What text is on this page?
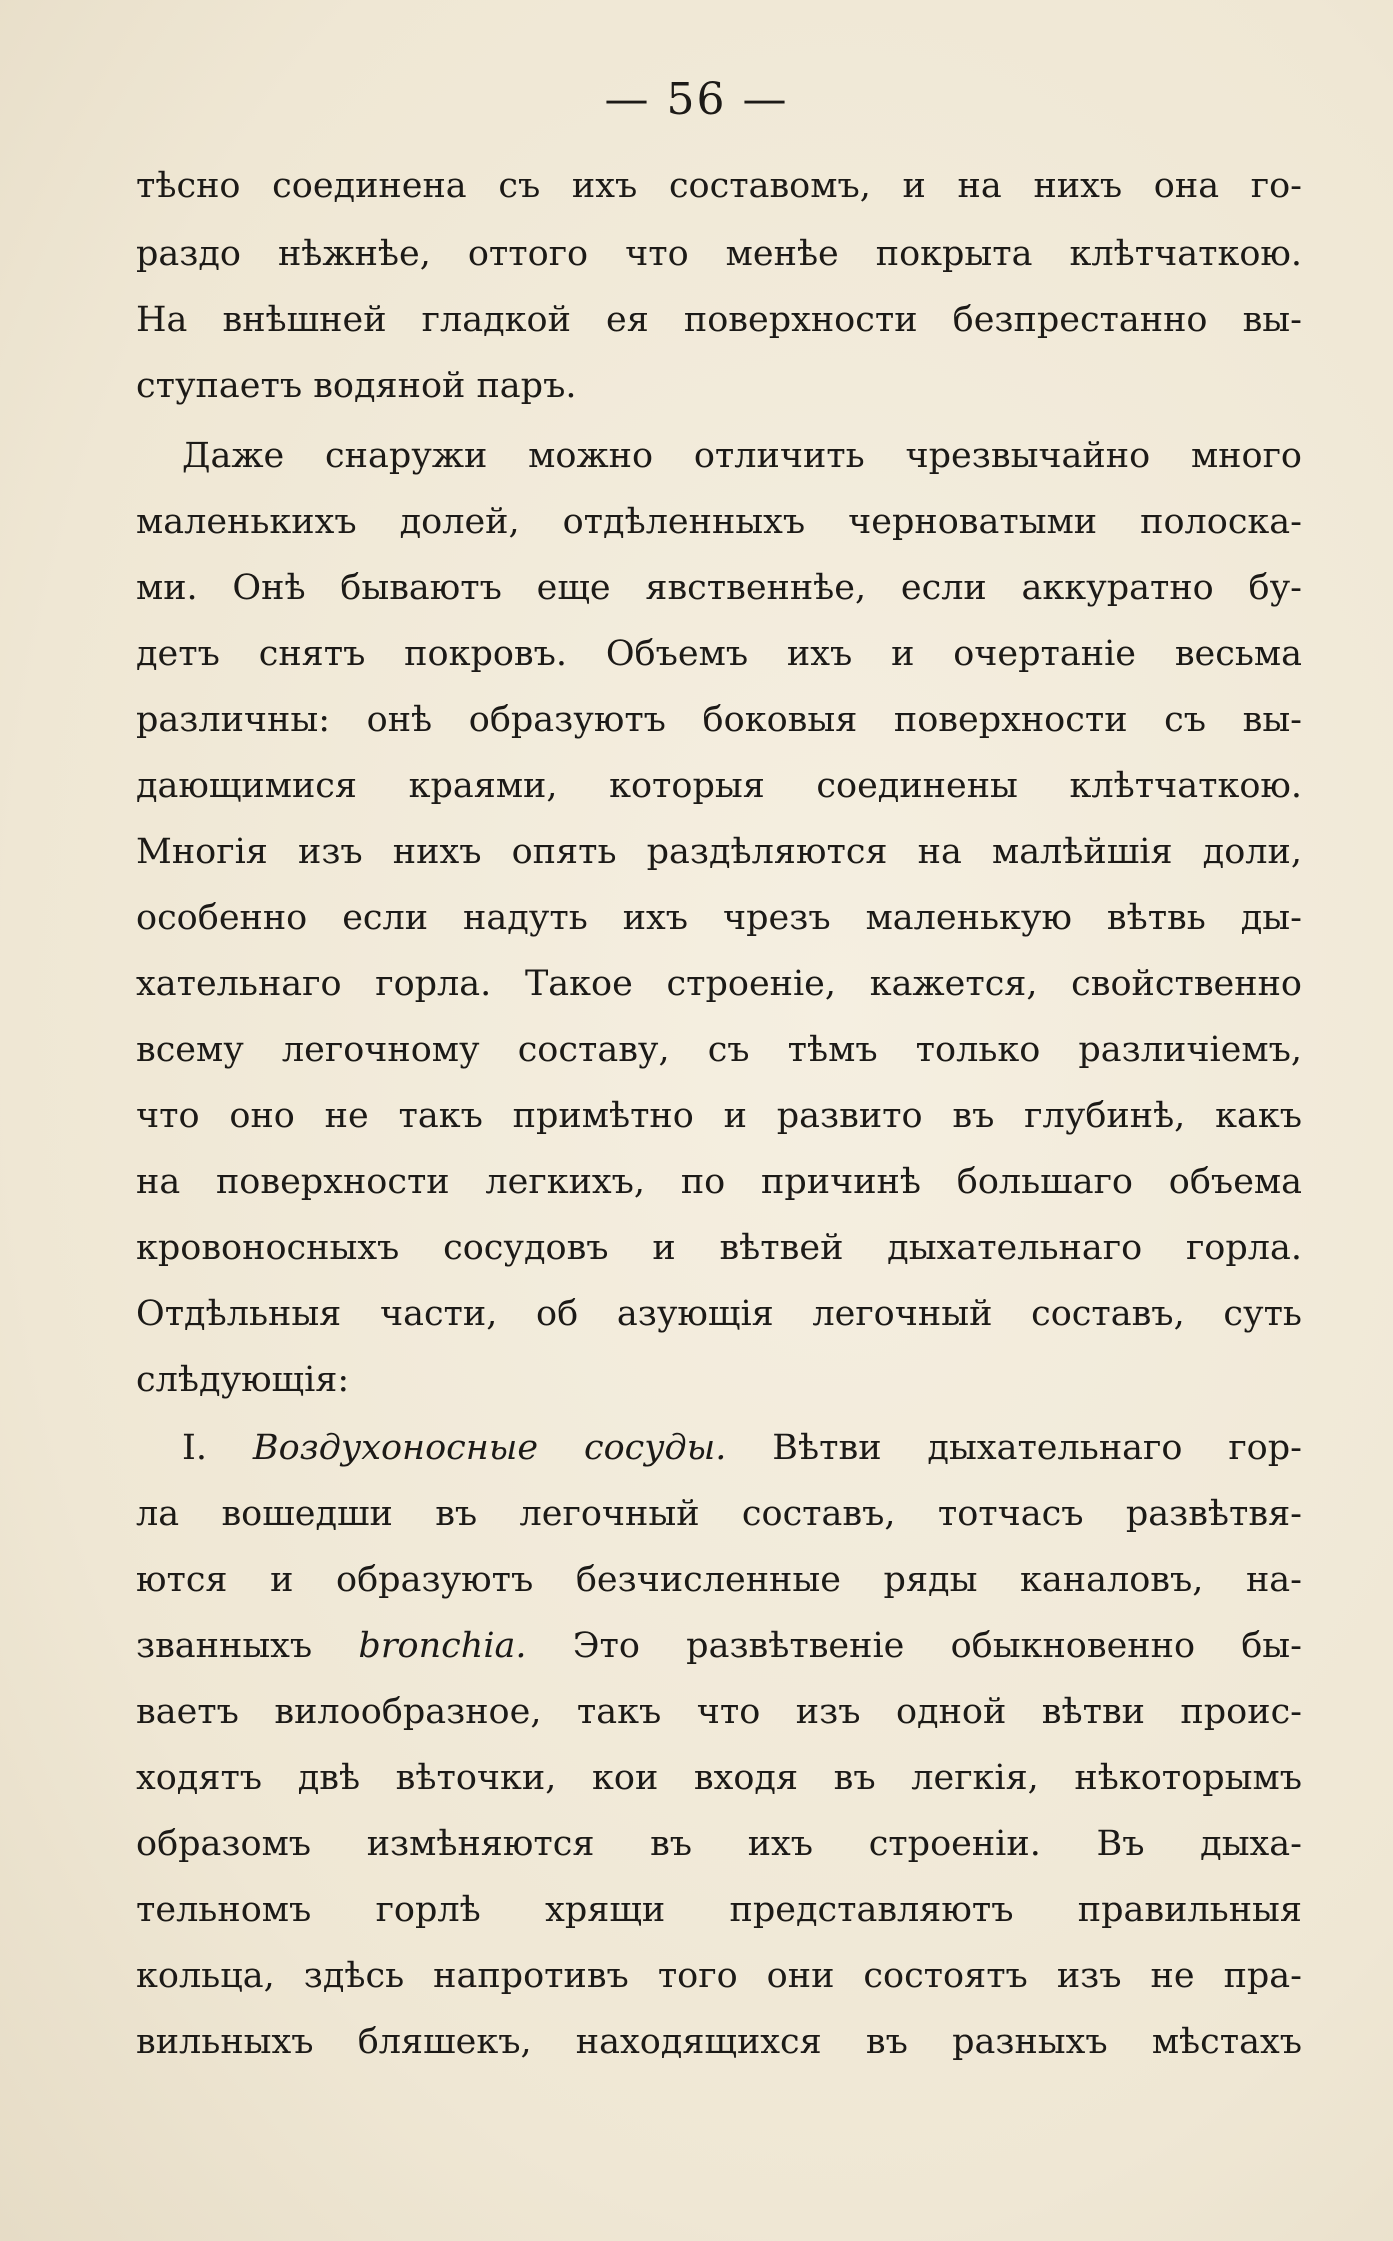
— 56 —
тѣсно соединена съ ихъ составомъ, и на нихъ она го-
раздо нѣжнѣе, оттого что менѣе покрыта клѣтчаткою.
На внѣшней гладкой ея поверхности безпрестанно вы-
ступаетъ водяной паръ.
Даже снаружи можно отличить чрезвычайно много
маленькихъ долей, отдѣленныхъ черноватыми полоска-
ми. Онѣ бываютъ еще явственнѣе, если аккуратно бу-
детъ снятъ покровъ. Объемъ ихъ и очертаніе весьма
различны: онѣ образуютъ боковыя поверхности съ вы-
дающимися краями, которыя соединены клѣтчаткою.
Многія изъ нихъ опять раздѣляются на малѣйшія доли,
особенно если надуть ихъ чрезъ маленькую вѣтвь ды-
хательнаго горла. Такое строеніе, кажется, свойственно
всему легочному составу, съ тѣмъ только различіемъ,
что оно не такъ примѣтно и развито въ глубинѣ, какъ
на поверхности легкихъ, по причинѣ большаго объема
кровоносныхъ сосудовъ и вѣтвей дыхательнаго горла.
Отдѣльныя части, об азующія легочный составъ, суть
слѣдующія:
I. Воздухоносные сосуды. Вѣтви дыхательнаго гор-
ла вошедши въ легочный составъ, тотчасъ развѣтвя-
ются и образуютъ безчисленные ряды каналовъ, на-
званныхъ bronchia. Это развѣтвеніе обыкновенно бы-
ваетъ вилообразное, такъ что изъ одной вѣтви проис-
ходятъ двѣ вѣточки, кои входя въ легкія, нѣкоторымъ
образомъ измѣняются въ ихъ строеніи. Въ дыха-
тельномъ горлѣ хрящи представляютъ правильныя
кольца, здѣсь напротивъ того они состоятъ изъ не пра-
вильныхъ бляшекъ, находящихся въ разныхъ мѣстахъ
